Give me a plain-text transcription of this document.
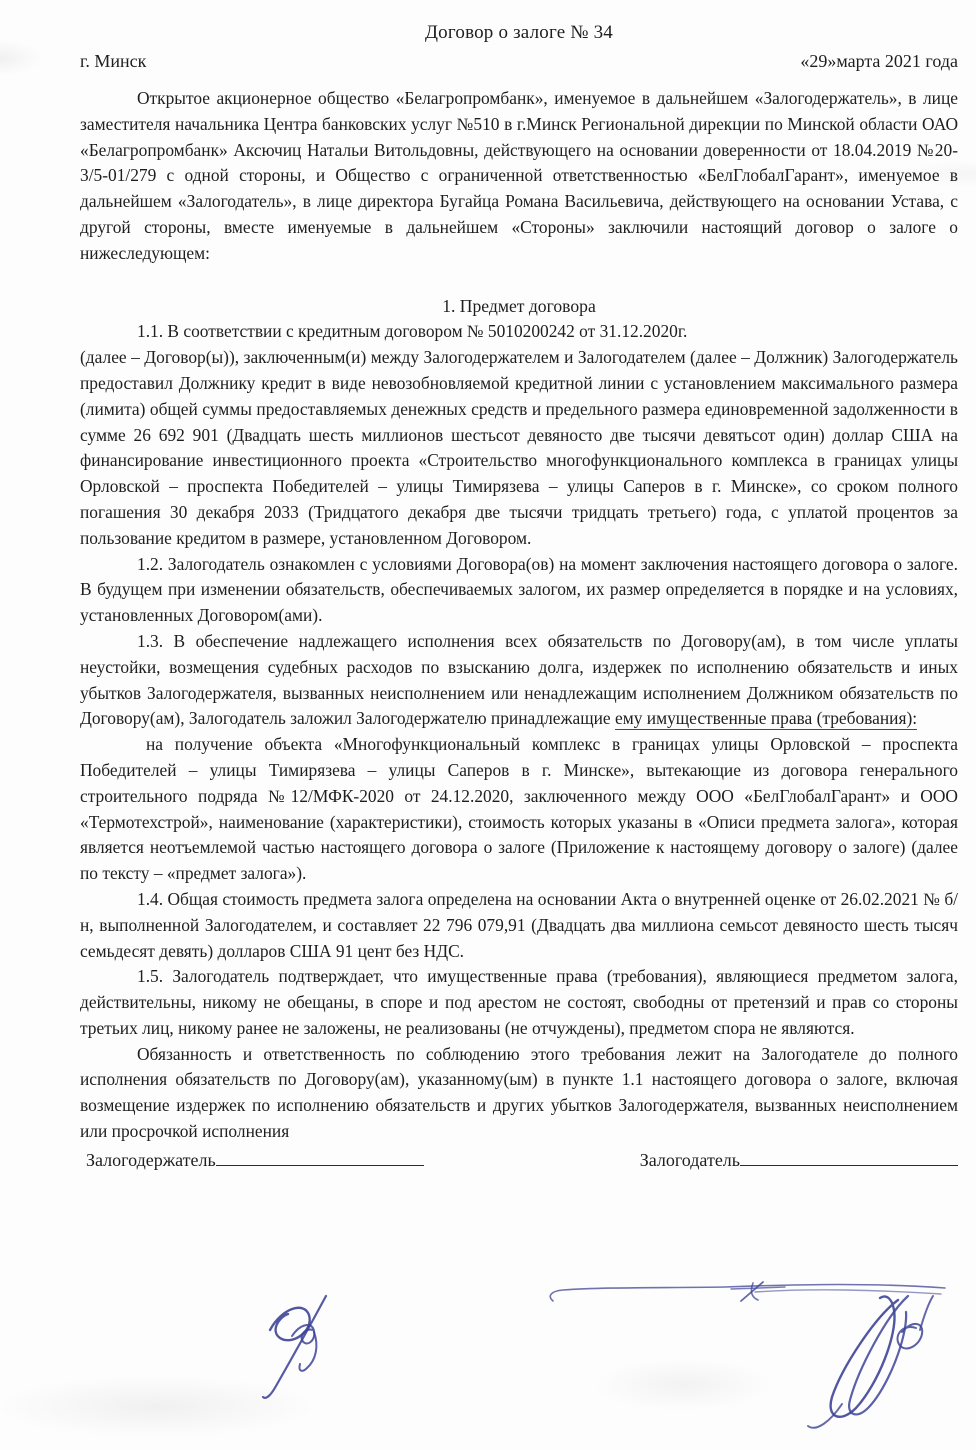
Договор о залоге № 34
г. Минск	«29»марта 2021 года

Открытое акционерное общество «Белагропромбанк», именуемое в дальнейшем «Залогодержатель», в лице заместителя начальника Центра банковских услуг №510 в г.Минск Региональной дирекции по Минской области ОАО «Белагропромбанк» Аксючиц Натальи Витольдовны, действующего на основании доверенности от 18.04.2019 №20-3/5-01/279 с одной стороны, и Общество с ограниченной ответственностью «БелГлобалГарант», именуемое в дальнейшем «Залогодатель», в лице директора Бугайца Романа Васильевича, действующего на основании Устава, с другой стороны, вместе именуемые в дальнейшем «Стороны» заключили настоящий договор о залоге о нижеследующем:

1. Предмет договора

1.1. В соответствии с кредитным договором № 5010200242 от 31.12.2020г.

(далее – Договор(ы)), заключенным(и) между Залогодержателем и Залогодателем (далее – Должник) Залогодержатель предоставил Должнику кредит в виде невозобновляемой кредитной линии с установлением максимального размера (лимита) общей суммы предоставляемых денежных средств и предельного размера единовременной задолженности в сумме 26 692 901 (Двадцать шесть миллионов шестьсот девяносто две тысячи девятьсот один) доллар США на финансирование инвестиционного проекта «Строительство многофункционального комплекса в границах улицы Орловской – проспекта Победителей – улицы Тимирязева – улицы Саперов в г. Минске», со сроком полного погашения 30 декабря 2033 (Тридцатого декабря две тысячи тридцать третьего) года, с уплатой процентов за пользование кредитом в размере, установленном Договором.

1.2. Залогодатель ознакомлен с условиями Договора(ов) на момент заключения настоящего договора о залоге. В будущем при изменении обязательств, обеспечиваемых залогом, их размер определяется в порядке и на условиях, установленных Договором(ами).

1.3. В обеспечение надлежащего исполнения всех обязательств по Договору(ам), в том числе уплаты неустойки, возмещения судебных расходов по взысканию долга, издержек по исполнению обязательств и иных убытков Залогодержателя, вызванных неисполнением или ненадлежащим исполнением Должником обязательств по Договору(ам), Залогодатель заложил Залогодержателю принадлежащие ему имущественные права (требования):

на получение объекта «Многофункциональный комплекс в границах улицы Орловской – проспекта Победителей – улицы Тимирязева – улицы Саперов в г. Минске», вытекающие из договора генерального строительного подряда №12/МФК-2020 от 24.12.2020, заключенного между ООО «БелГлобалГарант» и ООО «Термотехстрой», наименование (характеристики), стоимость которых указаны в «Описи предмета залога», которая является неотъемлемой частью настоящего договора о залоге (Приложение к настоящему договору о залоге) (далее по тексту – «предмет залога»).

1.4. Общая стоимость предмета залога определена на основании Акта о внутренней оценке от 26.02.2021 № б/н, выполненной Залогодателем, и составляет 22 796 079,91 (Двадцать два миллиона семьсот девяносто шесть тысяч семьдесят девять) долларов США 91 цент без НДС.

1.5. Залогодатель подтверждает, что имущественные права (требования), являющиеся предметом залога, действительны, никому не обещаны, в споре и под арестом не состоят, свободны от претензий и прав со стороны третьих лиц, никому ранее не заложены, не реализованы (не отчуждены), предметом спора не являются.

Обязанность и ответственность по соблюдению этого требования лежит на Залогодателе до полного исполнения обязательств по Договору(ам), указанному(ым) в пункте 1.1 настоящего договора о залоге, включая возмещение издержек по исполнению обязательств и других убытков Залогодержателя, вызванных неисполнением или просрочкой исполнения

Залогодержатель	Залогодатель
